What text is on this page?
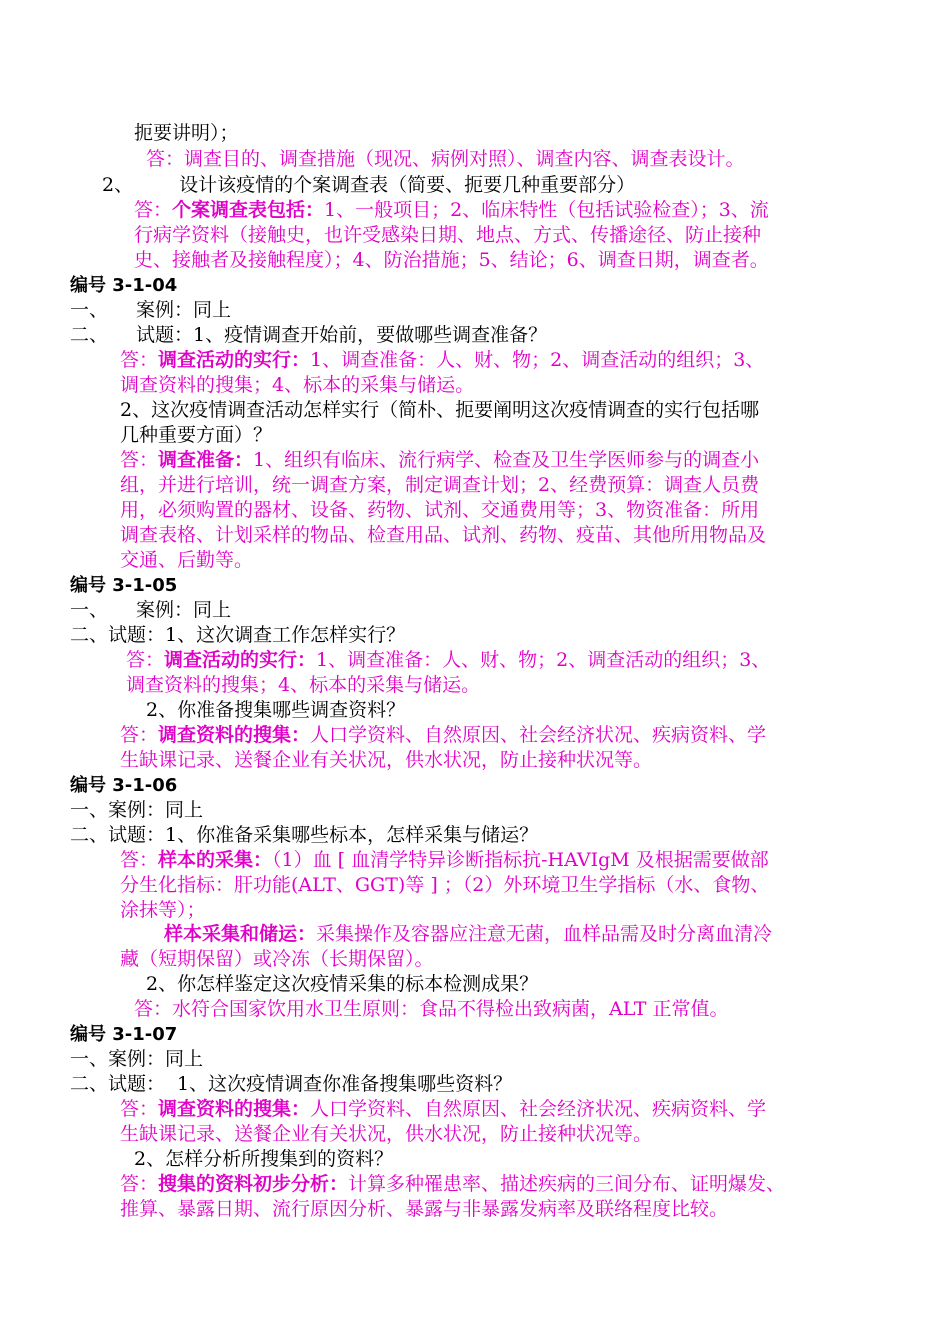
扼要讲明）；
答：调查目的、调查措施（现况、病例对照）、调查内容、调查表设计。
2、 设计该疫情的个案调查表（简要、扼要几种重要部分）
答：个案调查表包括：1、一般项目；2、临床特性（包括试验检查）；3、流
行病学资料（接触史，也许受感染日期、地点、方式、传播途径、防止接种
史、接触者及接触程度）；4、防治措施；5、结论；6、调查日期，调查者。
编号 3-1-04
一、 案例：同上
二、 试题：1、疫情调查开始前，要做哪些调查准备？
答：调查活动的实行：1、调查准备：人、财、物；2、调查活动的组织；3、
调查资料的搜集；4、标本的采集与储运。
2、这次疫情调查活动怎样实行（简朴、扼要阐明这次疫情调查的实行包括哪
几种重要方面）？
答：调查准备：1、组织有临床、流行病学、检查及卫生学医师参与的调查小
组，并进行培训，统一调查方案，制定调查计划；2、经费预算：调查人员费
用，必须购置的器材、设备、药物、试剂、交通费用等；3、物资准备：所用
调查表格、计划采样的物品、检查用品、试剂、药物、疫苗、其他所用物品及
交通、后勤等。
编号 3-1-05
一、 案例：同上
二、试题：1、这次调查工作怎样实行？
答：调查活动的实行：1、调查准备：人、财、物；2、调查活动的组织；3、
调查资料的搜集；4、标本的采集与储运。
2、你准备搜集哪些调查资料？
答：调查资料的搜集：人口学资料、自然原因、社会经济状况、疾病资料、学
生缺课记录、送餐企业有关状况，供水状况，防止接种状况等。
编号 3-1-06
一、案例：同上
二、试题：1、你准备采集哪些标本，怎样采集与储运？
答：样本的采集：（1）血 [ 血清学特异诊断指标抗-HAVIgM 及根据需要做部
分生化指标：肝功能(ALT、GGT)等 ] ；（2）外环境卫生学指标（水、食物、
涂抹等）；
样本采集和储运：采集操作及容器应注意无菌，血样品需及时分离血清冷
藏（短期保留）或冷冻（长期保留）。
2、你怎样鉴定这次疫情采集的标本检测成果？
答：水符合国家饮用水卫生原则：食品不得检出致病菌，ALT 正常值。
编号 3-1-07
一、案例：同上
二、试题： 1、这次疫情调查你准备搜集哪些资料？
答：调查资料的搜集：人口学资料、自然原因、社会经济状况、疾病资料、学
生缺课记录、送餐企业有关状况，供水状况，防止接种状况等。
2、怎样分析所搜集到的资料？
答：搜集的资料初步分析：计算多种罹患率、描述疾病的三间分布、证明爆发、
推算、暴露日期、流行原因分析、暴露与非暴露发病率及联络程度比较。
